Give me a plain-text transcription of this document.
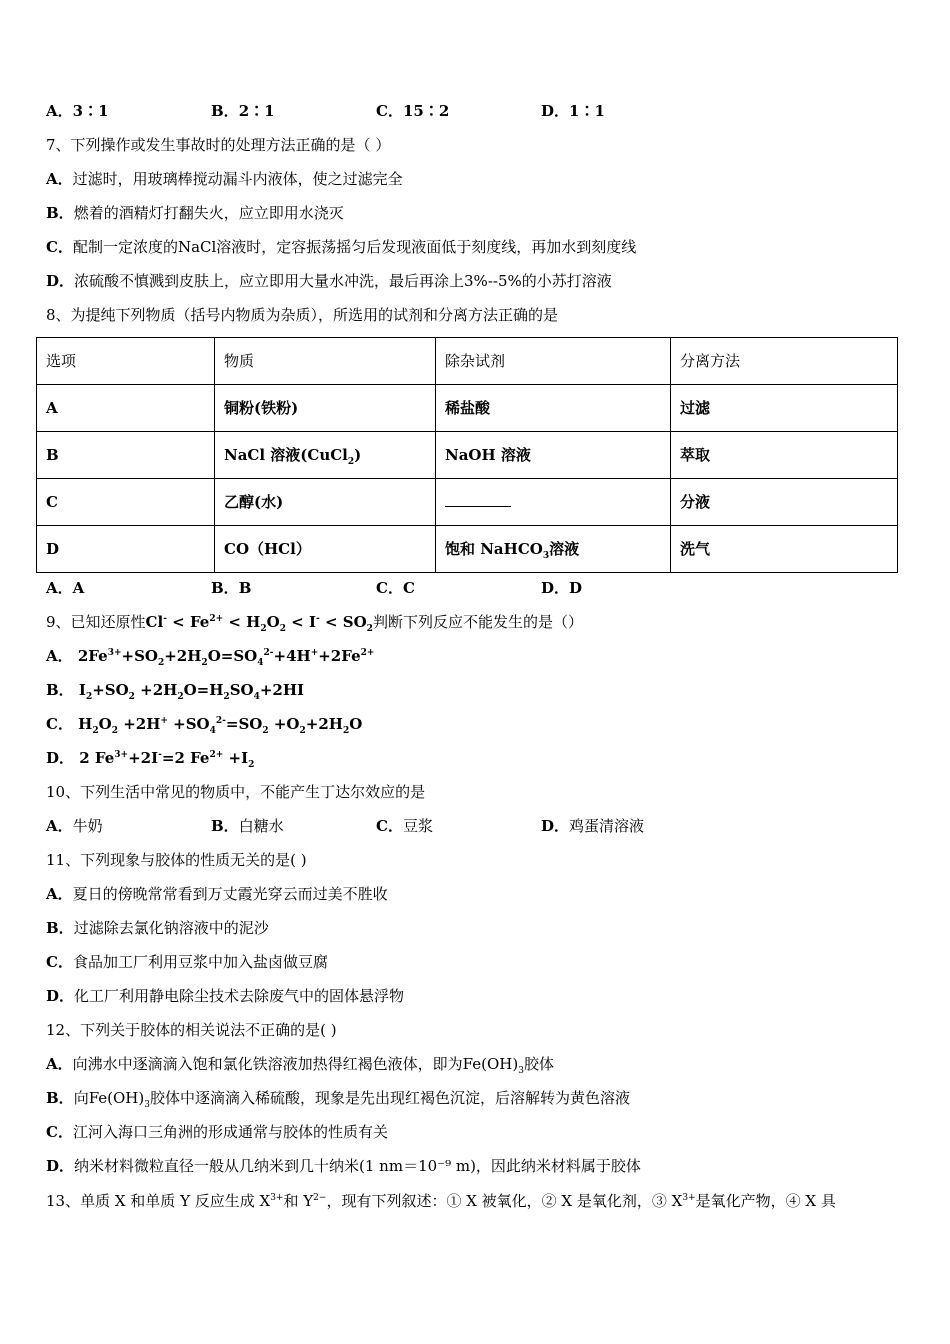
A．3∶1	B．2∶1	C．15∶2	D．1∶1
7、下列操作或发生事故时的处理方法正确的是（ ）
A．过滤时，用玻璃棒搅动漏斗内液体，使之过滤完全
B．燃着的酒精灯打翻失火，应立即用水浇灭
C．配制一定浓度的NaCl溶液时，定容振荡摇匀后发现液面低于刻度线，再加水到刻度线
D．浓硫酸不慎溅到皮肤上，应立即用大量水冲洗，最后再涂上3%--5%的小苏打溶液
8、为提纯下列物质（括号内物质为杂质），所选用的试剂和分离方法正确的是
选项	物质	除杂试剂	分离方法
A	铜粉(铁粉)	稀盐酸	过滤
B	NaCl 溶液(CuCl$_2$)	NaOH 溶液	萃取
C	乙醇(水)		分液
D	CO（HCl）	饱和 NaHCO$_3$溶液	洗气
A．A	B．B	C．C	D．D
9、已知还原性$Cl^- < Fe^{2+} < H_2O_2 < I^- < SO_2$判断下列反应不能发生的是（）
A． $2Fe^{3+}+SO_2+2H_2O=SO_4^{2-}+4H^++2Fe^{2+}$
B． $I_2+SO_2 +2H_2O=H_2SO_4+2HI$
C． $H_2O_2 +2H^+ +SO_4^{2-}=SO_2 +O_2+2H_2O$
D． 2 $Fe^{3+}+2I^-=2$ $Fe^{2+} +I_2$
10、下列生活中常见的物质中，不能产生丁达尔效应的是
A．牛奶	B．白糖水	C．豆浆	D．鸡蛋清溶液
11、下列现象与胶体的性质无关的是( )
A．夏日的傍晚常常看到万丈霞光穿云而过美不胜收
B．过滤除去氯化钠溶液中的泥沙
C．食品加工厂利用豆浆中加入盐卤做豆腐
D．化工厂利用静电除尘技术去除废气中的固体悬浮物
12、下列关于胶体的相关说法不正确的是( )
A．向沸水中逐滴滴入饱和氯化铁溶液加热得红褐色液体，即为$Fe(OH)_3$胶体
B．向$Fe(OH)_3$胶体中逐滴滴入稀硫酸，现象是先出现红褐色沉淀，后溶解转为黄色溶液
C．江河入海口三角洲的形成通常与胶体的性质有关
D．纳米材料微粒直径一般从几纳米到几十纳米(1 nm＝10⁻⁹ m)，因此纳米材料属于胶体
13、单质 X 和单质 Y 反应生成 $X^{3+}$和 $Y^{2-}$，现有下列叙述：① X 被氧化，② X 是氧化剂，③ $X^{3+}$是氧化产物，④ X 具
